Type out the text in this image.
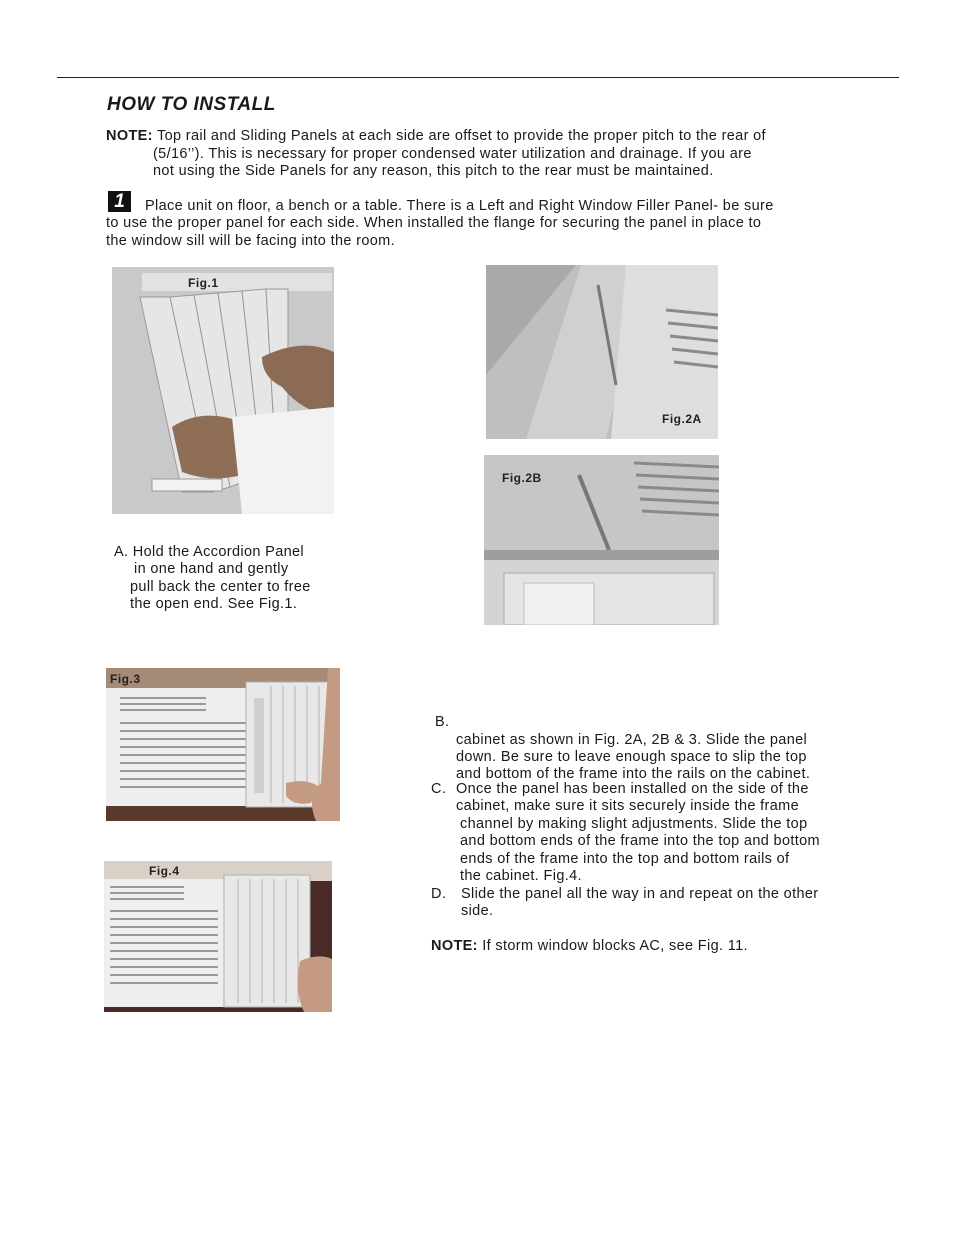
HOW TO INSTALL
NOTE: Top rail and Sliding Panels at each side are offset to provide the proper pitch to the rear of
(5/16’’). This is necessary for proper condensed water utilization and drainage. If you are
not using the Side Panels for any reason, this pitch to the rear must be maintained.
1	Place unit on floor, a bench or a table. There is a Left and Right Window Filler Panel- be sure
to use the proper panel for each side. When installed the flange for securing the panel in place to
the window sill will be facing into the room.
Fig.1
Fig.2A
Fig.2B
A. Hold the Accordion Panel
in one hand and gently
pull back the center to free
the open end. See Fig.1.
Fig.3
Fig.4
B.
cabinet as shown in Fig. 2A, 2B & 3. Slide the panel
down. Be sure to leave enough space to slip the top
and bottom of the frame into the rails on the cabinet.
C. Once the panel has been installed on the side of the
cabinet, make sure it sits securely inside the frame
channel by making slight adjustments. Slide the top
and bottom ends of the frame into the top and bottom
ends of the frame into the top and bottom rails of
the cabinet. Fig.4.
D. Slide the panel all the way in and repeat on the other
side.
NOTE: If storm window blocks AC, see Fig. 11.
